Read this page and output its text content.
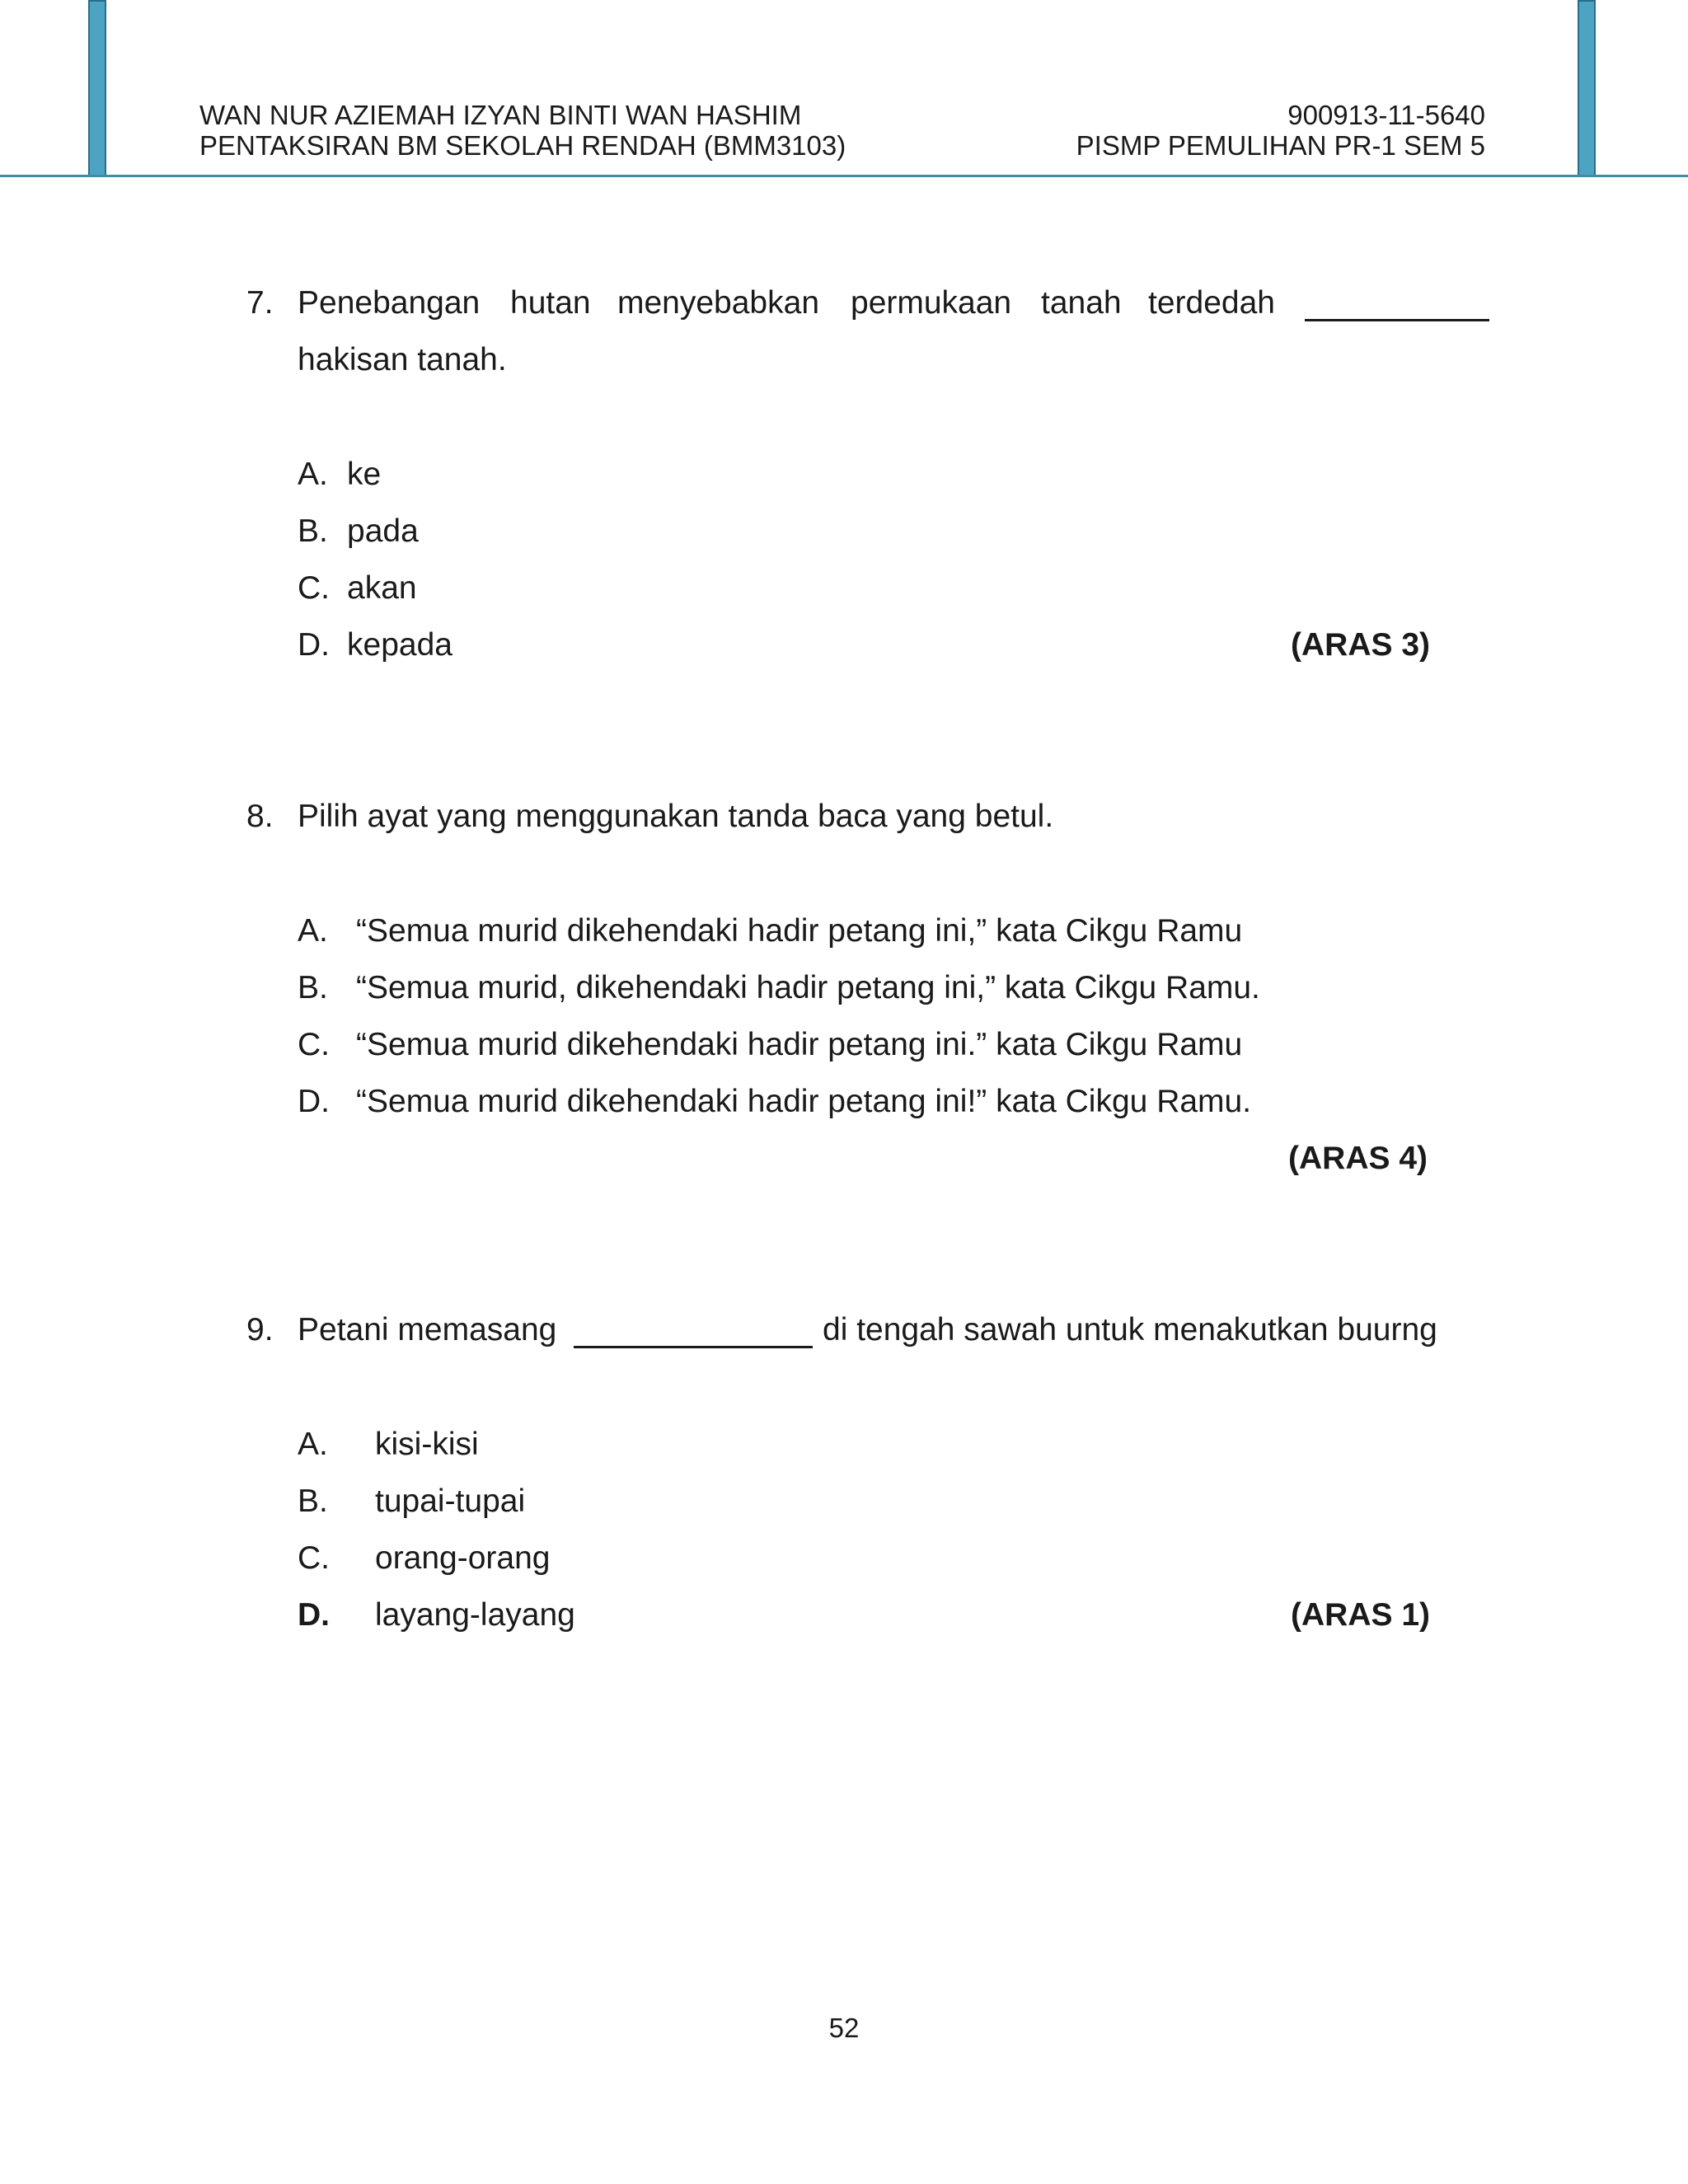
WAN NUR AZIEMAH IZYAN BINTI WAN HASHIM
PENTAKSIRAN BM SEKOLAH RENDAH (BMM3103)
900913-11-5640
PISMP PEMULIHAN PR-1 SEM 5
7. Penebangan hutan menyebabkan permukaan tanah terdedah
hakisan tanah.
A. ke
B. pada
C. akan
D. kepada	(ARAS 3)
8. Pilih ayat yang menggunakan tanda baca yang betul.
A. “Semua murid dikehendaki hadir petang ini,” kata Cikgu Ramu
B. “Semua murid, dikehendaki hadir petang ini,” kata Cikgu Ramu.
C. “Semua murid dikehendaki hadir petang ini.” kata Cikgu Ramu
D. “Semua murid dikehendaki hadir petang ini!” kata Cikgu Ramu.
(ARAS 4)
9. Petani memasang	di tengah sawah untuk menakutkan buurng
A. kisi-kisi
B. tupai-tupai
C. orang-orang
D. layang-layang	(ARAS 1)
52
